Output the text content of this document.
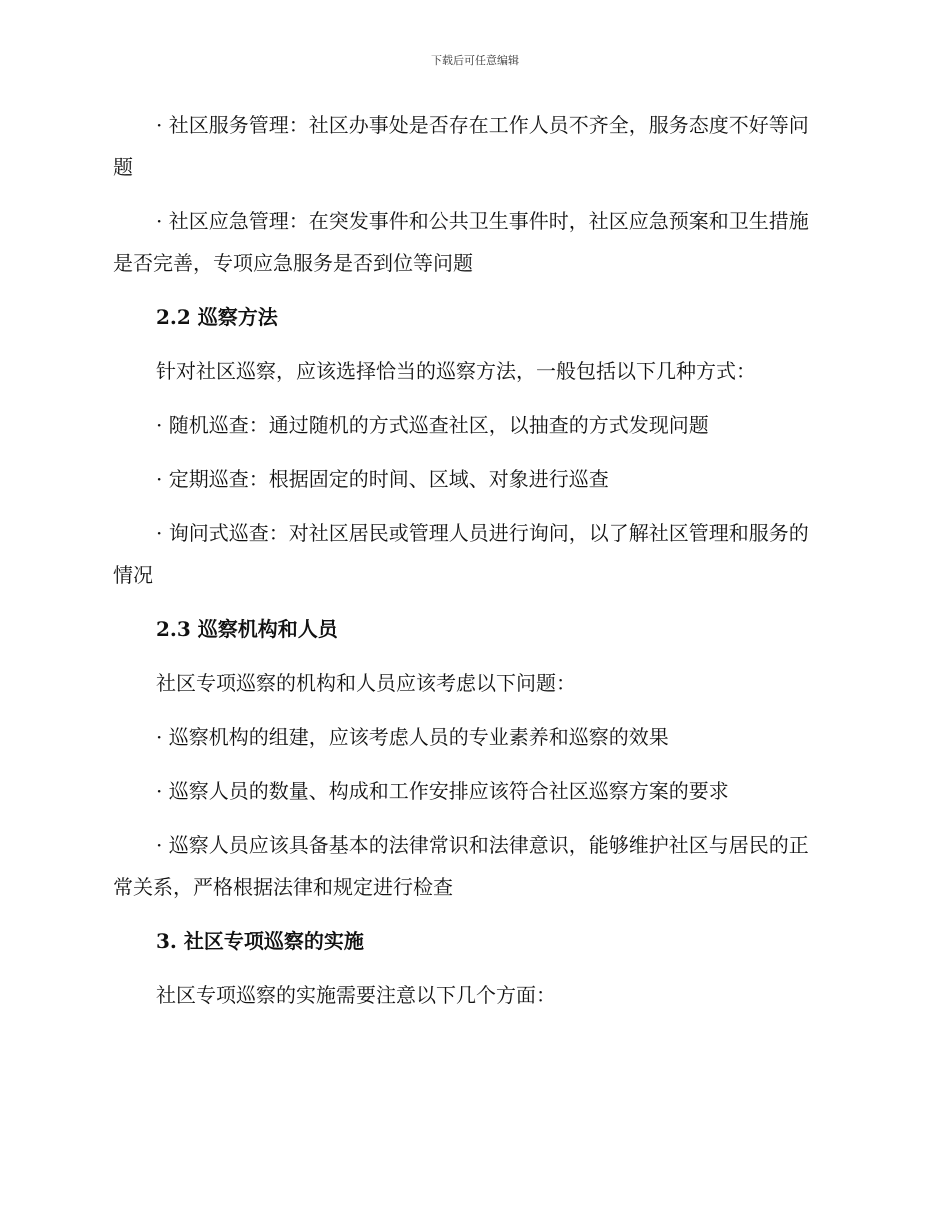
下载后可任意编辑

· 社区服务管理：社区办事处是否存在工作人员不齐全，服务态度不好等问题

· 社区应急管理：在突发事件和公共卫生事件时，社区应急预案和卫生措施是否完善，专项应急服务是否到位等问题

2.2 巡察方法

针对社区巡察，应该选择恰当的巡察方法，一般包括以下几种方式：

· 随机巡查：通过随机的方式巡查社区，以抽查的方式发现问题

· 定期巡查：根据固定的时间、区域、对象进行巡查

· 询问式巡查：对社区居民或管理人员进行询问，以了解社区管理和服务的情况

2.3 巡察机构和人员

社区专项巡察的机构和人员应该考虑以下问题：

· 巡察机构的组建，应该考虑人员的专业素养和巡察的效果

· 巡察人员的数量、构成和工作安排应该符合社区巡察方案的要求

· 巡察人员应该具备基本的法律常识和法律意识，能够维护社区与居民的正常关系，严格根据法律和规定进行检查

3. 社区专项巡察的实施

社区专项巡察的实施需要注意以下几个方面：
